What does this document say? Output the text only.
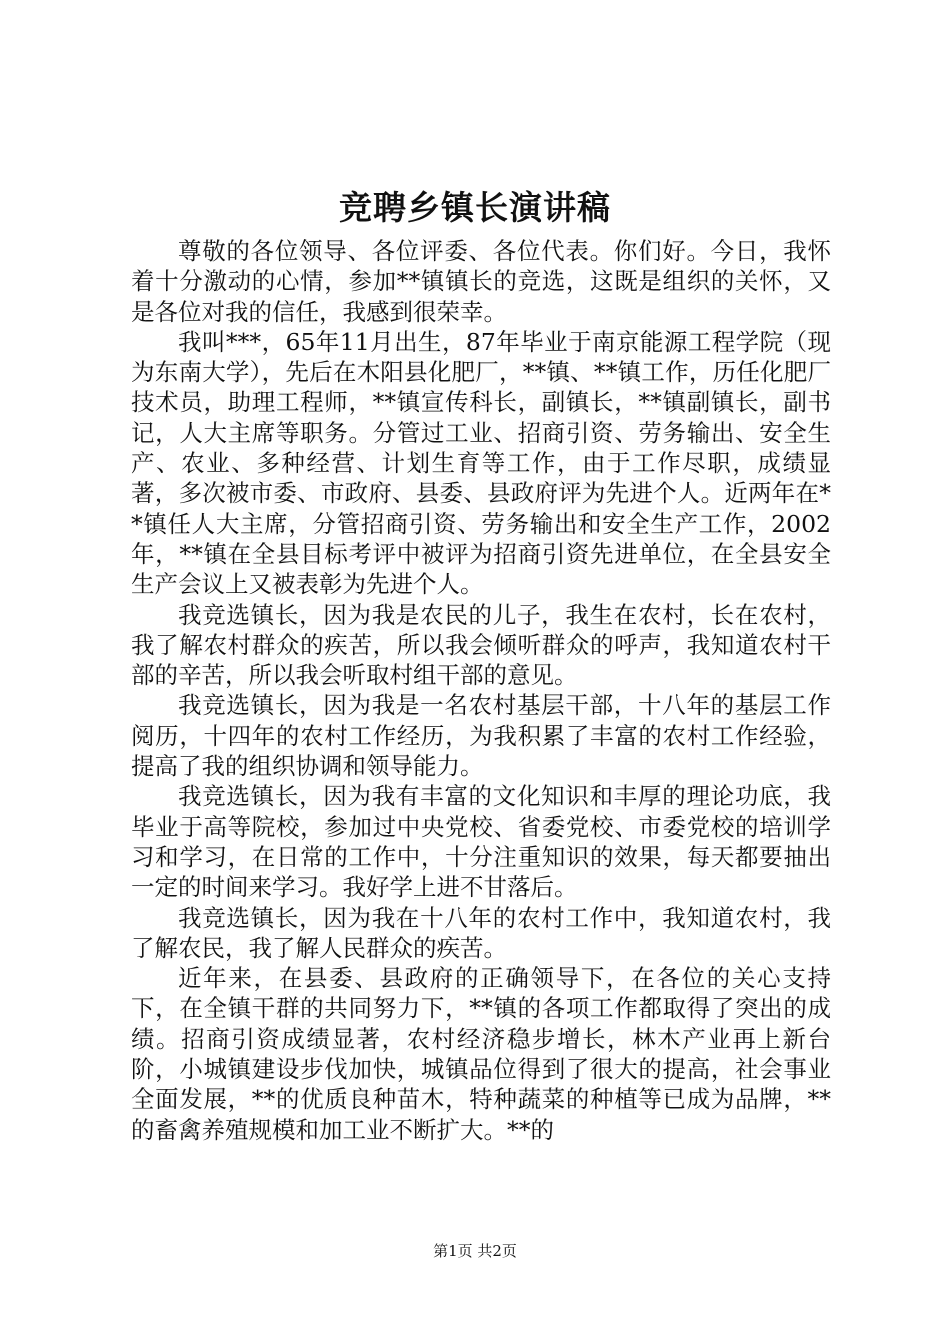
竞聘乡镇长演讲稿

尊敬的各位领导、各位评委、各位代表。你们好。今日，我怀着十分激动的心情，参加**镇镇长的竞选，这既是组织的关怀，又是各位对我的信任，我感到很荣幸。

我叫***，65年11月出生，87年毕业于南京能源工程学院（现为东南大学），先后在木阳县化肥厂，**镇、**镇工作，历任化肥厂技术员，助理工程师，**镇宣传科长，副镇长，**镇副镇长，副书记，人大主席等职务。分管过工业、招商引资、劳务输出、安全生产、农业、多种经营、计划生育等工作，由于工作尽职，成绩显著，多次被市委、市政府、县委、县政府评为先进个人。近两年在**镇任人大主席，分管招商引资、劳务输出和安全生产工作，2002年，**镇在全县目标考评中被评为招商引资先进单位，在全县安全生产会议上又被表彰为先进个人。

我竞选镇长，因为我是农民的儿子，我生在农村，长在农村，我了解农村群众的疾苦，所以我会倾听群众的呼声，我知道农村干部的辛苦，所以我会听取村组干部的意见。

我竞选镇长，因为我是一名农村基层干部，十八年的基层工作阅历，十四年的农村工作经历，为我积累了丰富的农村工作经验，提高了我的组织协调和领导能力。

我竞选镇长，因为我有丰富的文化知识和丰厚的理论功底，我毕业于高等院校，参加过中央党校、省委党校、市委党校的培训学习和学习，在日常的工作中，十分注重知识的效果，每天都要抽出一定的时间来学习。我好学上进不甘落后。

我竞选镇长，因为我在十八年的农村工作中，我知道农村，我了解农民，我了解人民群众的疾苦。

近年来，在县委、县政府的正确领导下，在各位的关心支持下，在全镇干群的共同努力下，**镇的各项工作都取得了突出的成绩。招商引资成绩显著，农村经济稳步增长，林木产业再上新台阶，小城镇建设步伐加快，城镇品位得到了很大的提高，社会事业全面发展，**的优质良种苗木，特种蔬菜的种植等已成为品牌，**的畜禽养殖规模和加工业不断扩大。**的

第1页 共2页
